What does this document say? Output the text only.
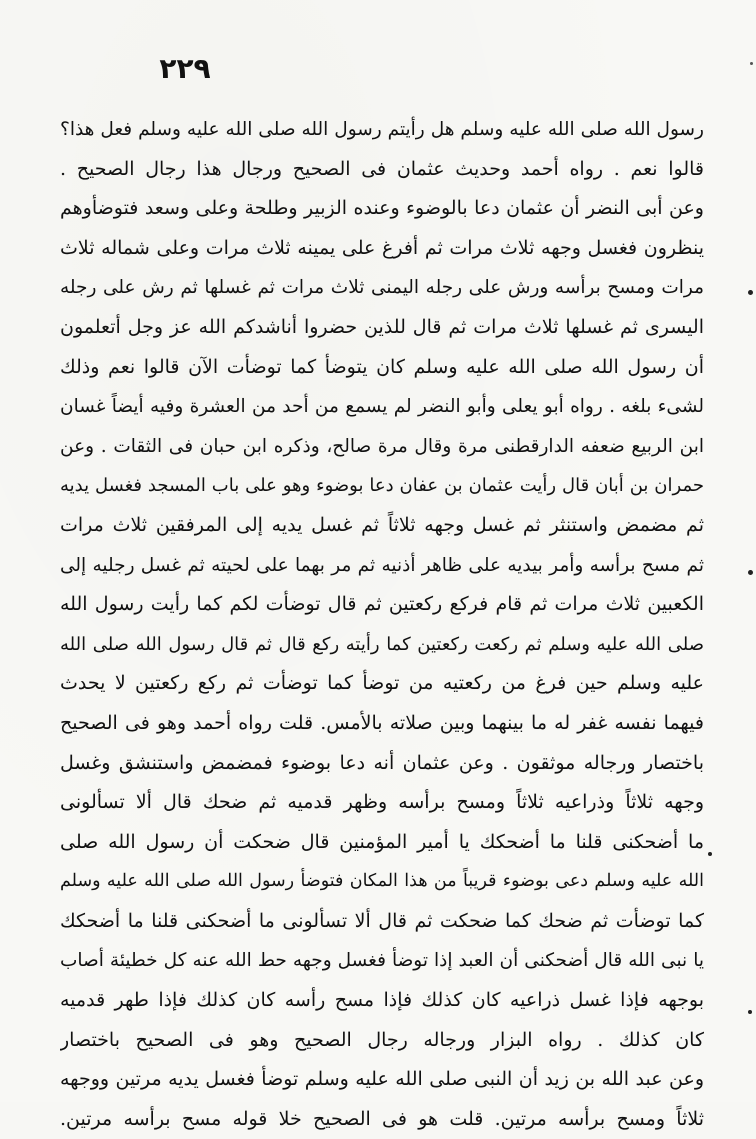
٢٢٩
رسول الله صلى الله عليه وسلم هل رأيتم رسول الله صلى الله عليه وسلم فعل هذا؟
قالوا نعم . رواه أحمد وحديث عثمان فى الصحيح ورجال هذا رجال الصحيح .
وعن أبى النضر أن عثمان دعا بالوضوء وعنده الزبير وطلحة وعلى وسعد فتوضأوهم
ينظرون فغسل وجهه ثلاث مرات ثم أفرغ على يمينه ثلاث مرات وعلى شماله ثلاث
مرات ومسح برأسه ورش على رجله اليمنى ثلاث مرات ثم غسلها ثم رش على رجله
اليسرى ثم غسلها ثلاث مرات ثم قال للذين حضروا أناشدكم الله عز وجل أتعلمون
أن رسول الله صلى الله عليه وسلم كان يتوضأ كما توضأت الآن قالوا نعم وذلك
لشىء بلغه . رواه أبو يعلى وأبو النضر لم يسمع من أحد من العشرة وفيه أيضاً غسان
ابن الربيع ضعفه الدارقطنى مرة وقال مرة صالح، وذكره ابن حبان فى الثقات . وعن
حمران بن أبان قال رأيت عثمان بن عفان دعا بوضوء وهو على باب المسجد فغسل يديه
ثم مضمض واستنثر ثم غسل وجهه ثلاثاً ثم غسل يديه إلى المرفقين ثلاث مرات
ثم مسح برأسه وأمر بيديه على ظاهر أذنيه ثم مر بهما على لحيته ثم غسل رجليه إلى
الكعبين ثلاث مرات ثم قام فركع ركعتين ثم قال توضأت لكم كما رأيت رسول الله
صلى الله عليه وسلم ثم ركعت ركعتين كما رأيته ركع قال ثم قال رسول الله صلى الله
عليه وسلم حين فرغ من ركعتيه من توضأ كما توضأت ثم ركع ركعتين لا يحدث
فيهما نفسه غفر له ما بينهما وبين صلاته بالأمس. قلت رواه أحمد وهو فى الصحيح
باختصار ورجاله موثقون . وعن عثمان أنه دعا بوضوء فمضمض واستنشق وغسل
وجهه ثلاثاً وذراعيه ثلاثاً ومسح برأسه وظهر قدميه ثم ضحك قال ألا تسألونى
ما أضحكنى قلنا ما أضحكك يا أمير المؤمنين قال ضحكت أن رسول الله صلى
الله عليه وسلم دعى بوضوء قريباً من هذا المكان فتوضأ رسول الله صلى الله عليه وسلم
كما توضأت ثم ضحك كما ضحكت ثم قال ألا تسألونى ما أضحكنى قلنا ما أضحكك
يا نبى الله قال أضحكنى أن العبد إذا توضأ فغسل وجهه حط الله عنه كل خطيئة أصاب
بوجهه فإذا غسل ذراعيه كان كذلك فإذا مسح رأسه كان كذلك فإذا طهر قدميه
كان كذلك . رواه البزار ورجاله رجال الصحيح وهو فى الصحيح باختصار
وعن عبد الله بن زيد أن النبى صلى الله عليه وسلم توضأ فغسل يديه مرتين ووجهه
ثلاثاً ومسح برأسه مرتين. قلت هو فى الصحيح خلا قوله مسح برأسه مرتين.
